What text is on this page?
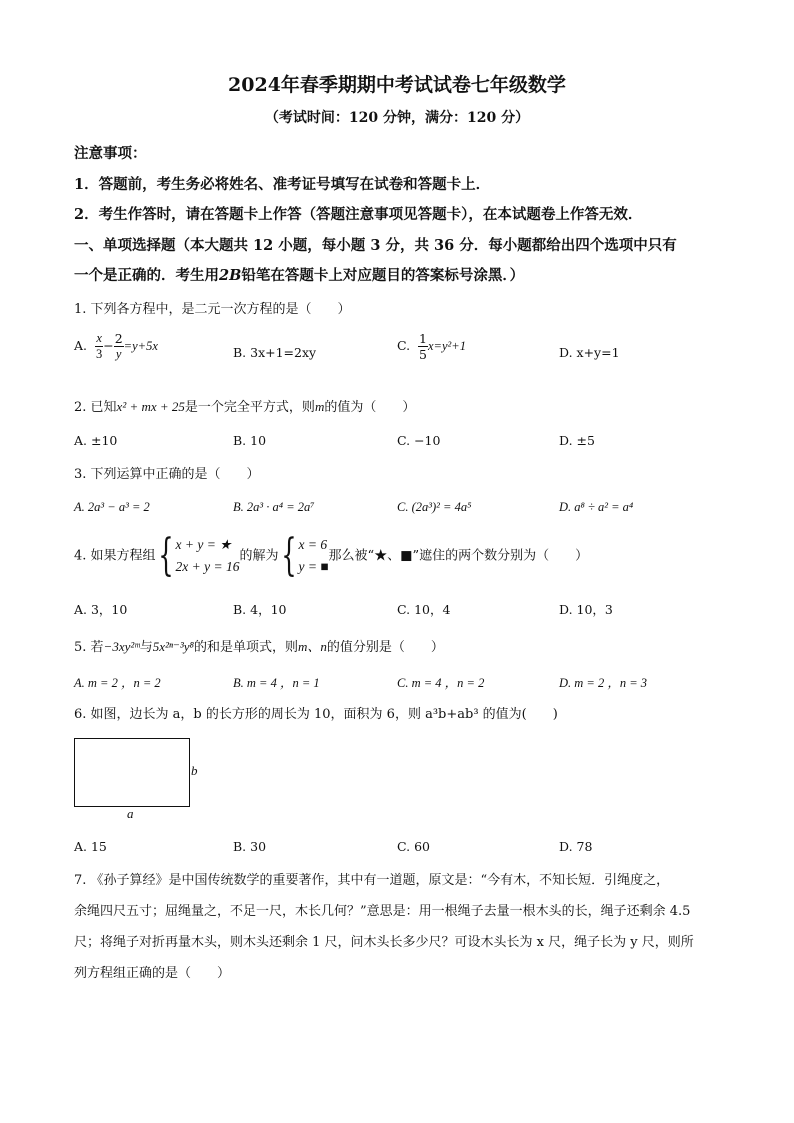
2024年春季期期中考试试卷七年级数学
（考试时间：120 分钟，满分：120 分）
注意事项：
1．答题前，考生务必将姓名、准考证号填写在试卷和答题卡上．
2．考生作答时，请在答题卡上作答（答题注意事项见答题卡），在本试题卷上作答无效．
一、单项选择题（本大题共 12 小题，每小题 3 分，共 36 分．每小题都给出四个选项中只有
一个是正确的．考生用2B铅笔在答题卡上对应题目的答案标号涂黑．）
1. 下列各方程中，是二元一次方程的是（　　）
A. $\frac{x}{3} - \frac{2}{y} =y+5x$	B. 3x+1=2xy	C. $\frac{1}{5} x=y^2+1$	D. x+y=1
2. 已知x² + mx + 25是一个完全平方式，则m的值为（　　）
A. ±10	B. 10	C. −10	D. ±5
3. 下列运算中正确的是（　　）
A. 2a³ − a³ = 2	B. 2a³ · a⁴ = 2a⁷	C. (2a³)² = 4a⁵	D. a⁸ ÷ a² = a⁴
4. 如果方程组{ x + y = ★
2x + y = 16
的解为{ x = 6
y = ■
那么被“★、■”遮住的两个数分别为（　　）
A. 3，10	B. 4，10	C. 10，4	D. 10，3
5. 若−3xy²ᵐ与5x²ⁿ⁻³y⁸的和是单项式，则m、n的值分别是（　　）
A. m = 2 ，n = 2	B. m = 4 ，n = 1	C. m = 4 ，n = 2	D. m = 2 ，n = 3
6. 如图，边长为 a，b 的长方形的周长为 10，面积为 6，则 a³b+ab³ 的值为(　　)
b
a
A. 15	B. 30	C. 60	D. 78
7. 《孙子算经》是中国传统数学的重要著作，其中有一道题，原文是：“今有木，不知长短．引绳度之，
余绳四尺五寸；屈绳量之，不足一尺，木长几何？”意思是：用一根绳子去量一根木头的长，绳子还剩余 4.5
尺；将绳子对折再量木头，则木头还剩余 1 尺，问木头长多少尺？可设木头长为 x 尺，绳子长为 y 尺，则所
列方程组正确的是（　　）
